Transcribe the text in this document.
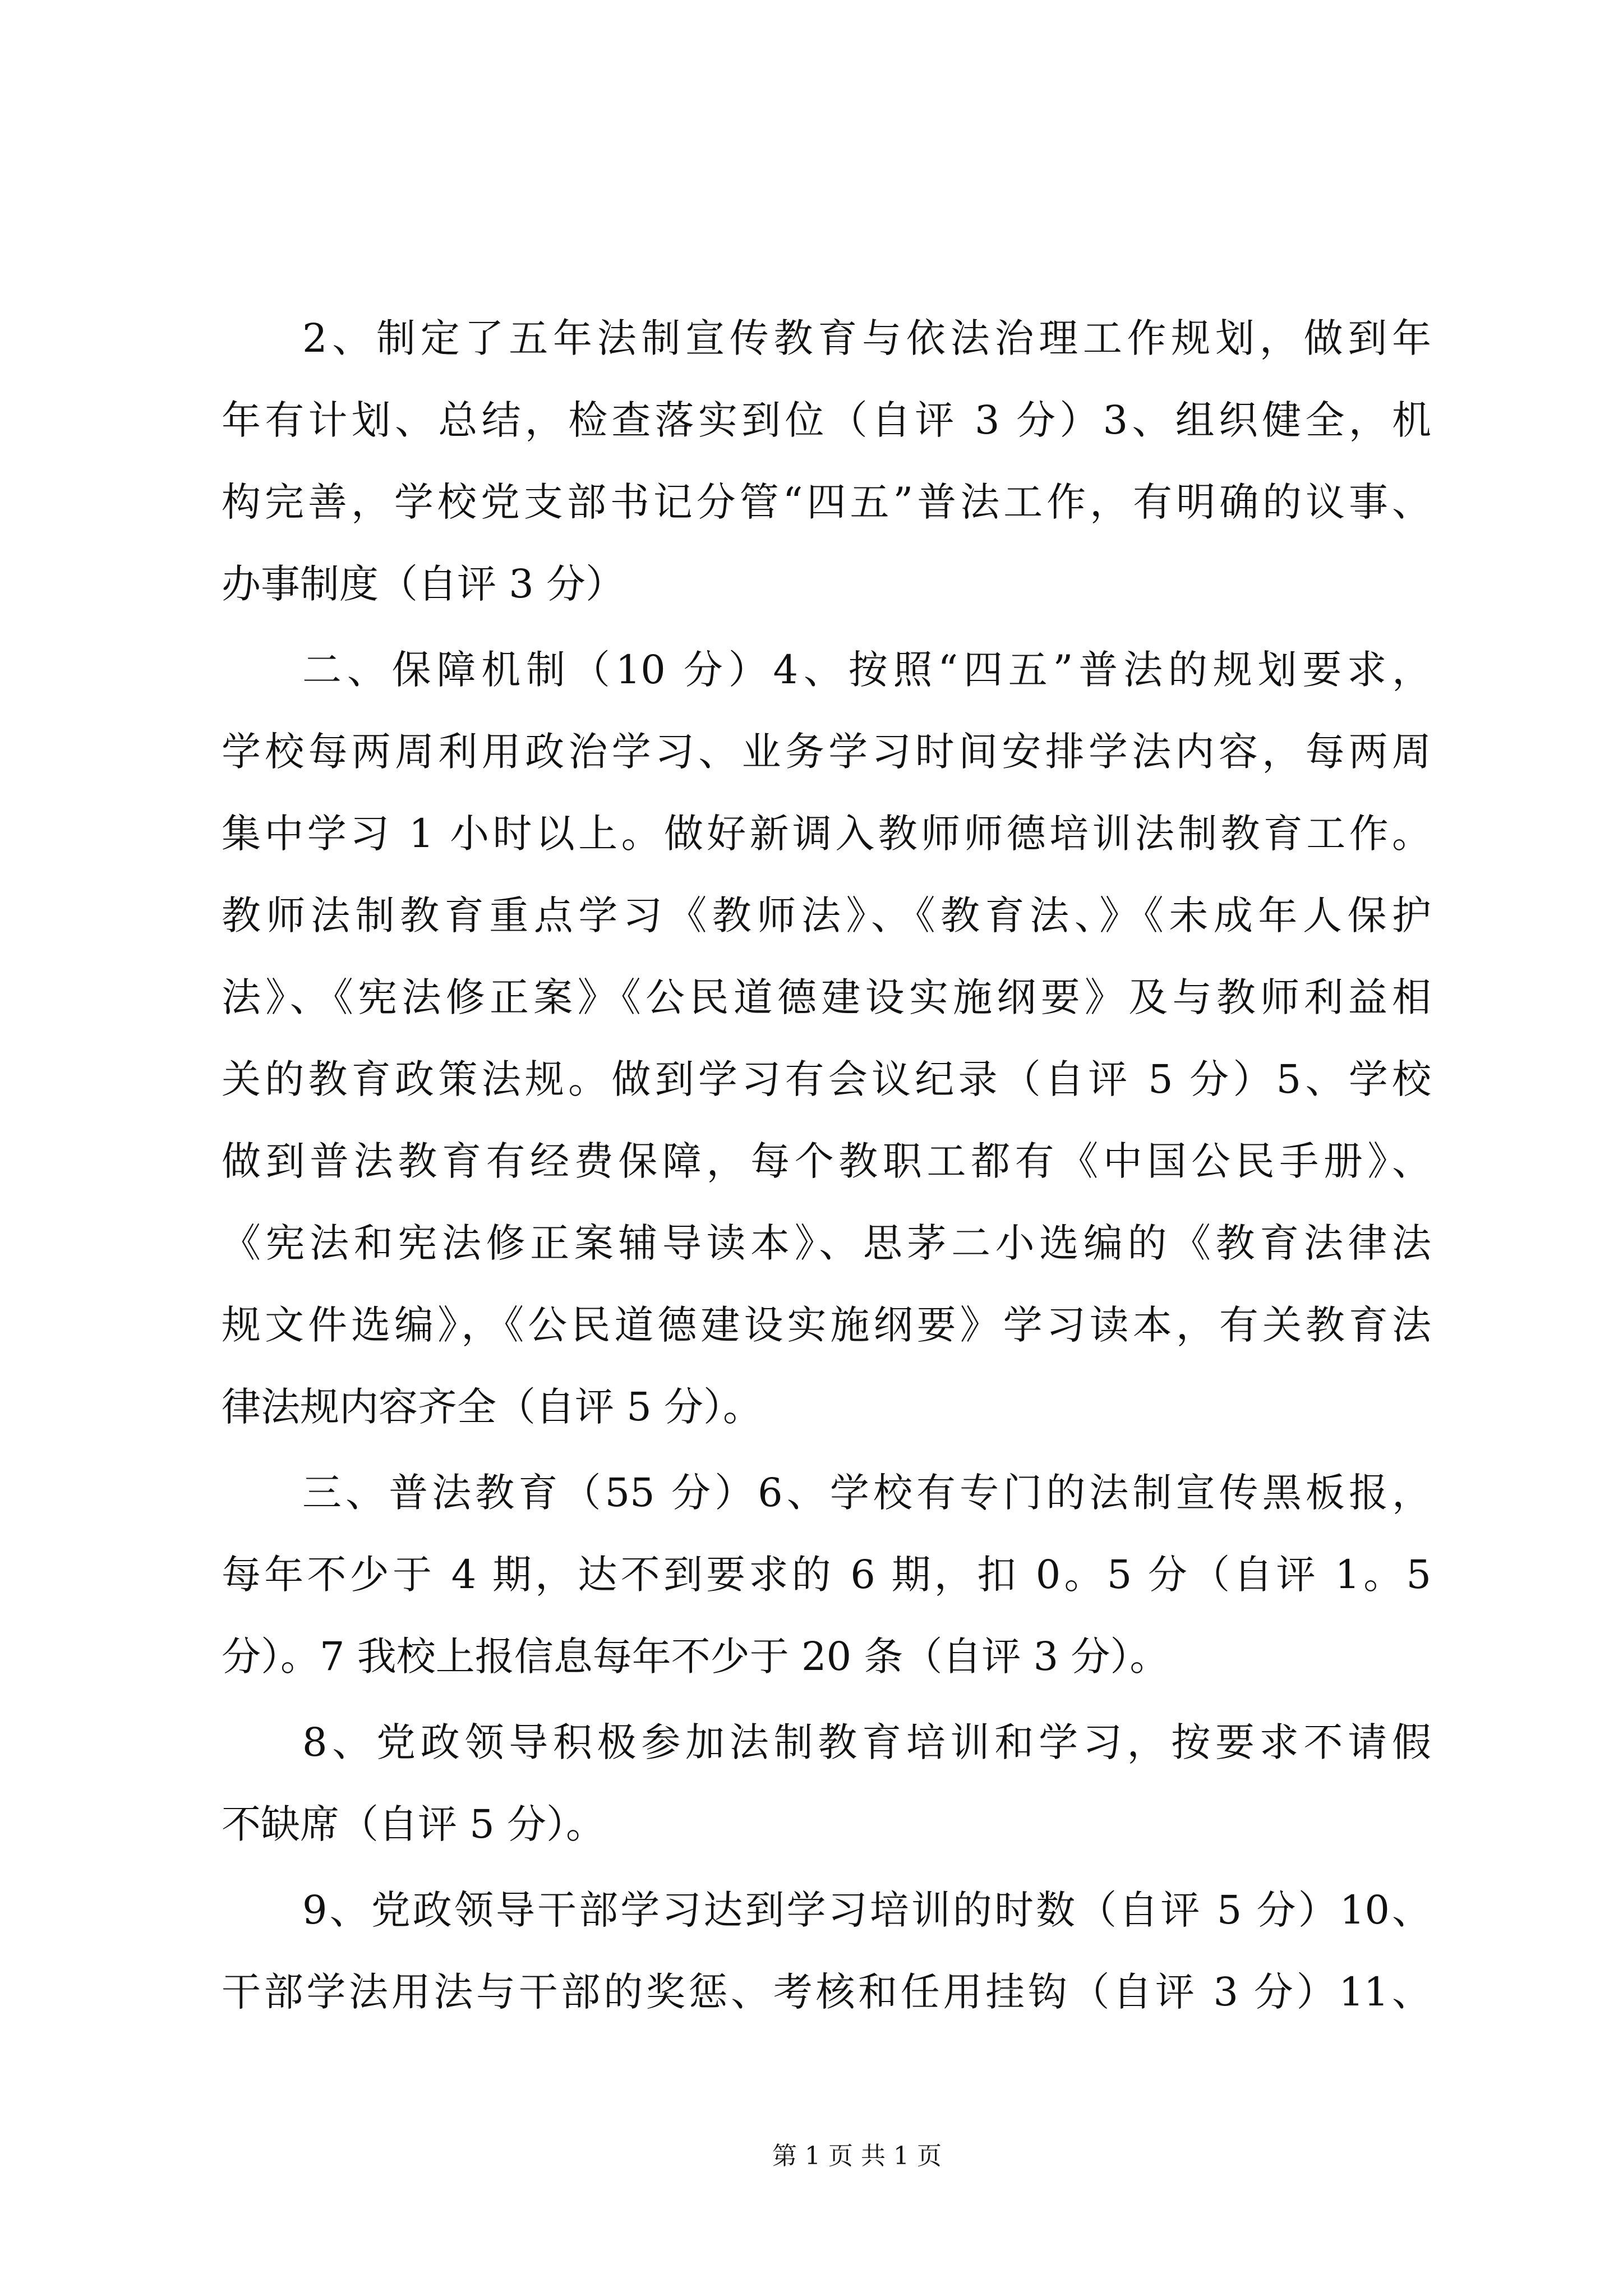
2、制定了五年法制宣传教育与依法治理工作规划，做到年
年有计划、总结，检查落实到位（自评 3 分）3、组织健全，机
构完善，学校党支部书记分管“四五”普法工作，有明确的议事、
办事制度（自评 3 分）
二、保障机制（10 分）4、按照“四五”普法的规划要求，
学校每两周利用政治学习、业务学习时间安排学法内容，每两周
集中学习 1 小时以上。做好新调入教师师德培训法制教育工作。
教师法制教育重点学习《教师法》、《教育法、》《未成年人保护
法》、《宪法修正案》《公民道德建设实施纲要》及与教师利益相
关的教育政策法规。做到学习有会议纪录（自评 5 分）5、学校
做到普法教育有经费保障，每个教职工都有《中国公民手册》、
《宪法和宪法修正案辅导读本》、思茅二小选编的《教育法律法
规文件选编》，《公民道德建设实施纲要》学习读本，有关教育法
律法规内容齐全（自评 5 分）。
三、普法教育（55 分）6、学校有专门的法制宣传黑板报，
每年不少于 4 期，达不到要求的 6 期，扣 0。5 分（自评 1。5
分）。7 我校上报信息每年不少于 20 条（自评 3 分）。
8、党政领导积极参加法制教育培训和学习，按要求不请假
不缺席（自评 5 分）。
9、党政领导干部学习达到学习培训的时数（自评 5 分）10、
干部学法用法与干部的奖惩、考核和任用挂钩（自评 3 分）11、
第 1 页 共 1 页
